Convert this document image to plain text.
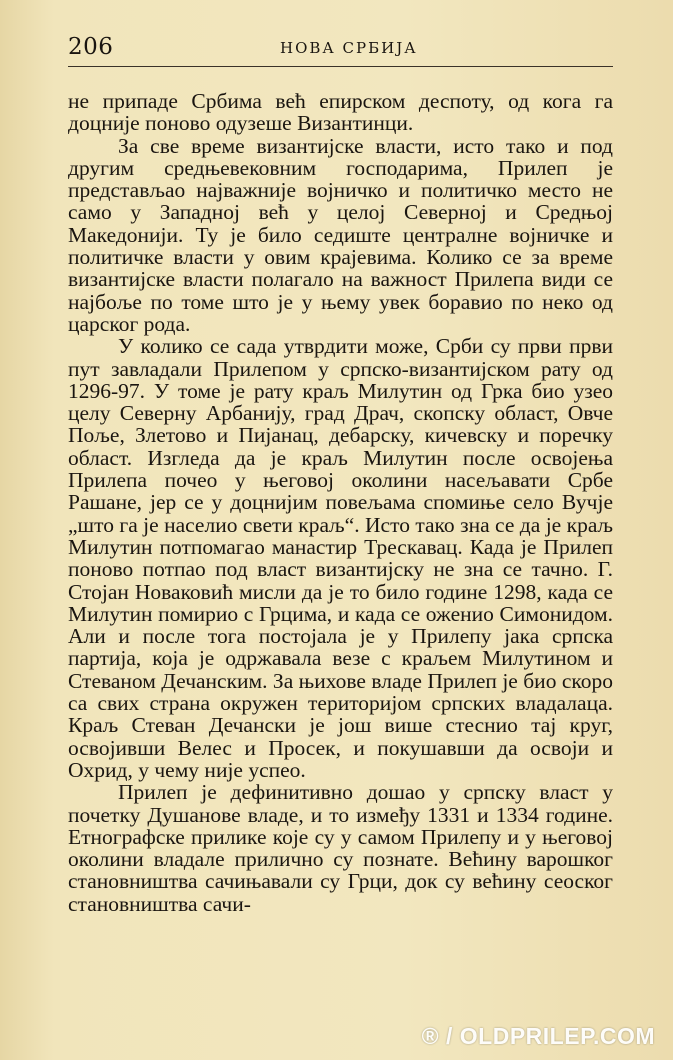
206	НОВА СРБИЈА

не припаде Србима већ епирском деспоту, од кога га доцније поново одузеше Византинци.

За све време византијске власти, исто тако и под другим средњевековним господарима, Прилеп је представљао најважније војничко и политичко место не само у Западној већ у целој Северној и Средњој Македонији. Ту је било седиште централне војничке и политичке власти у овим крајевима. Колико се за време византијске власти полагало на важност Прилепа види се најбоље по томе што је у њему увек боравио по неко од царског рода.

У колико се сада утврдити може, Срби су први први пут завладали Прилепом у српско-византијском рату од 1296-97. У томе је рату краљ Милутин од Грка био узео целу Северну Арбанију, град Драч, скопску област, Овче Поље, Злетово и Пијанац, дебарску, кичевску и поречку област. Изгледа да је краљ Милутин после освојења Прилепа почео у његовој околини насељавати Србе Рашане, јер се у доцнијим повељама спомиње село Вучје „што га је населио свети краљ“. Исто тако зна се да је краљ Милутин потпомагао манастир Трескавац. Када је Прилеп поново потпао под власт византијску не зна се тачно. Г. Стојан Новаковић мисли да је то било године 1298, када се Милутин помирио с Грцима, и када се оженио Симонидом. Али и после тога постојала је у Прилепу јака српска партија, која је одржавала везе с краљем Милутином и Стеваном Дечанским. За њихове владе Прилеп је био скоро са свих страна окружен територијом српских владалаца. Краљ Стеван Дечански је још више стеснио тај круг, освојивши Велес и Просек, и покушавши да освоји и Охрид, у чему није успео.

Прилеп је дефинитивно дошао у српску власт у почетку Душанове владе, и то између 1331 и 1334 године. Етнографске прилике које су у самом Прилепу и у његовој околини владале прилично су познате. Већину варошког становништва сачињавали су Грци, док су већину сеоског становништва сачи-

® / OLDPRILEP.COM
